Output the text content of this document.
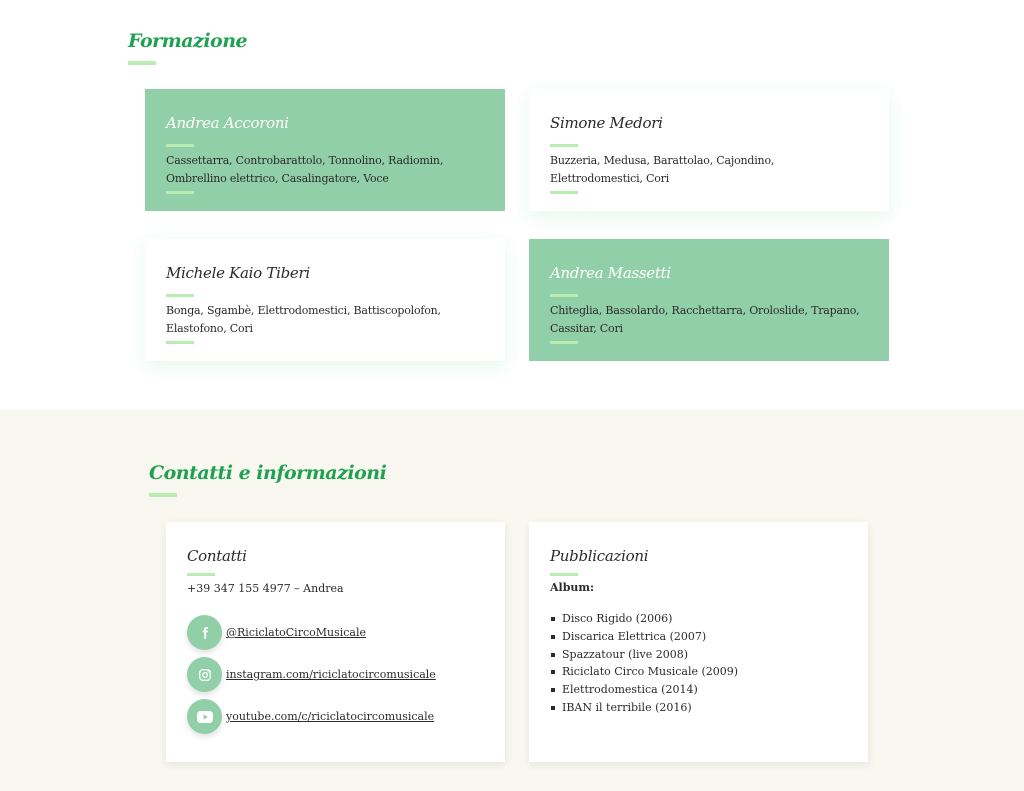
Formazione
Andrea Accoroni
Cassettarra, Controbarattolo, Tonnolino, Radiomin, Ombrellino elettrico, Casalingatore, Voce
Simone Medori
Buzzeria, Medusa, Barattolao, Cajondino, Elettrodomestici, Cori
Michele Kaio Tiberi
Bonga, Sgambè, Elettrodomestici, Battiscopolofon, Elastofono, Cori
Andrea Massetti
Chiteglia, Bassolardo, Racchettarra, Oroloslide, Trapano, Cassitar, Cori
Contatti e informazioni
Contatti
+39 347 155 4977 – Andrea
@RiciclatoCircoMusicale
instagram.com/riciclatocircomusicale
youtube.com/c/riciclatocircomusicale
Pubblicazioni
Album:
Disco Rigido (2006)
Discarica Elettrica (2007)
Spazzatour (live 2008)
Riciclato Circo Musicale (2009)
Elettrodomestica (2014)
IBAN il terribile (2016)
